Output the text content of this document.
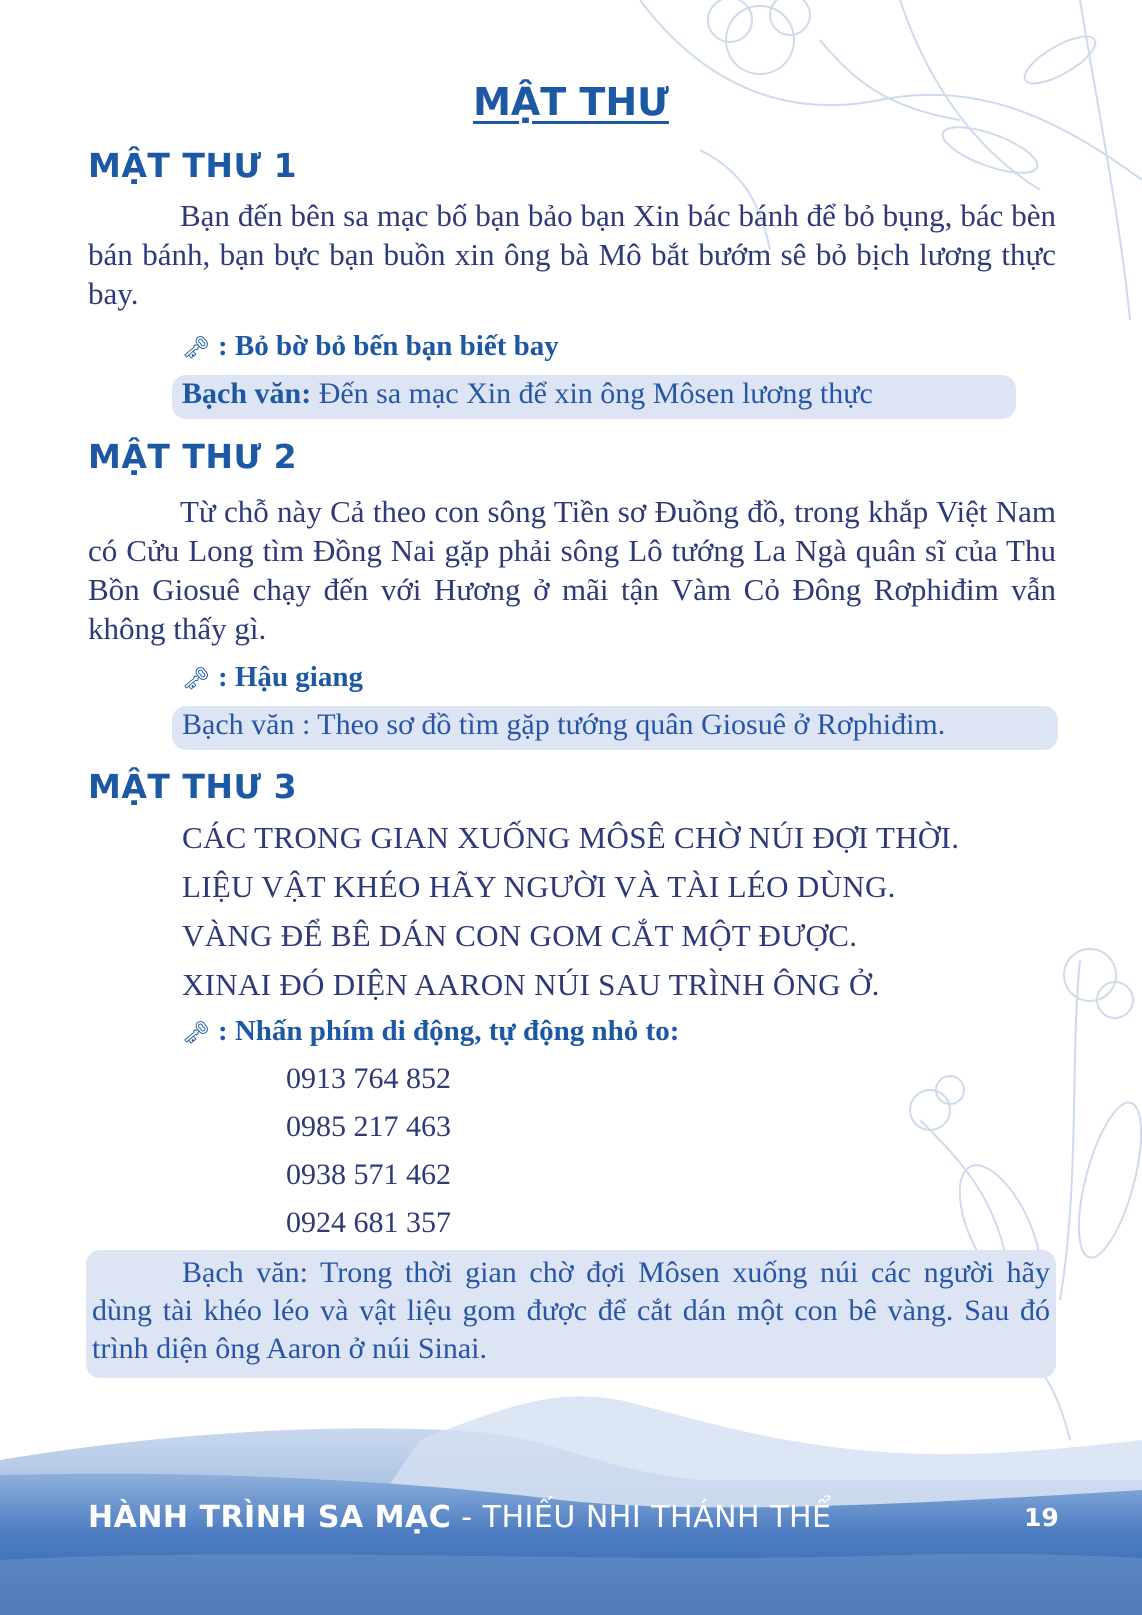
MẬT THƯ
MẬT THƯ 1
Bạn đến bên sa mạc bố bạn bảo bạn Xin bác bánh để bỏ bụng, bác bèn bán bánh, bạn bực bạn buồn xin ông bà Mô bắt bướm sê bỏ bịch lương thực bay.
🗝 : Bỏ bờ bỏ bến bạn biết bay
Bạch văn: Đến sa mạc Xin để xin ông Môsen lương thực
MẬT THƯ 2
Từ chỗ này Cả theo con sông Tiền sơ Đuồng đồ, trong khắp Việt Nam có Cửu Long tìm Đồng Nai gặp phải sông Lô tướng La Ngà quân sĩ của Thu Bồn Giosuê chạy đến với Hương ở mãi tận Vàm Cỏ Đông Rơphiđim vẫn không thấy gì.
🗝 : Hậu giang
Bạch văn : Theo sơ đồ tìm gặp tướng quân Giosuê ở Rơphiđim.
MẬT THƯ 3
CÁC TRONG GIAN XUỐNG MÔSÊ CHỜ NÚI ĐỢI THỜI.
LIỆU VẬT KHÉO HÃY NGƯỜI VÀ TÀI LÉO DÙNG.
VÀNG ĐỂ BÊ DÁN CON GOM CẮT MỘT ĐƯỢC.
XINAI ĐÓ DIỆN AARON NÚI SAU TRÌNH ÔNG Ở.
🗝 : Nhấn phím di động, tự động nhỏ to:
0913 764 852
0985 217 463
0938 571 462
0924 681 357
Bạch văn: Trong thời gian chờ đợi Môsen xuống núi các người hãy dùng tài khéo léo và vật liệu gom được để cắt dán một con bê vàng. Sau đó trình diện ông Aaron ở núi Sinai.
HÀNH TRÌNH SA MẠC - THIẾU NHI THÁNH THỂ	19
